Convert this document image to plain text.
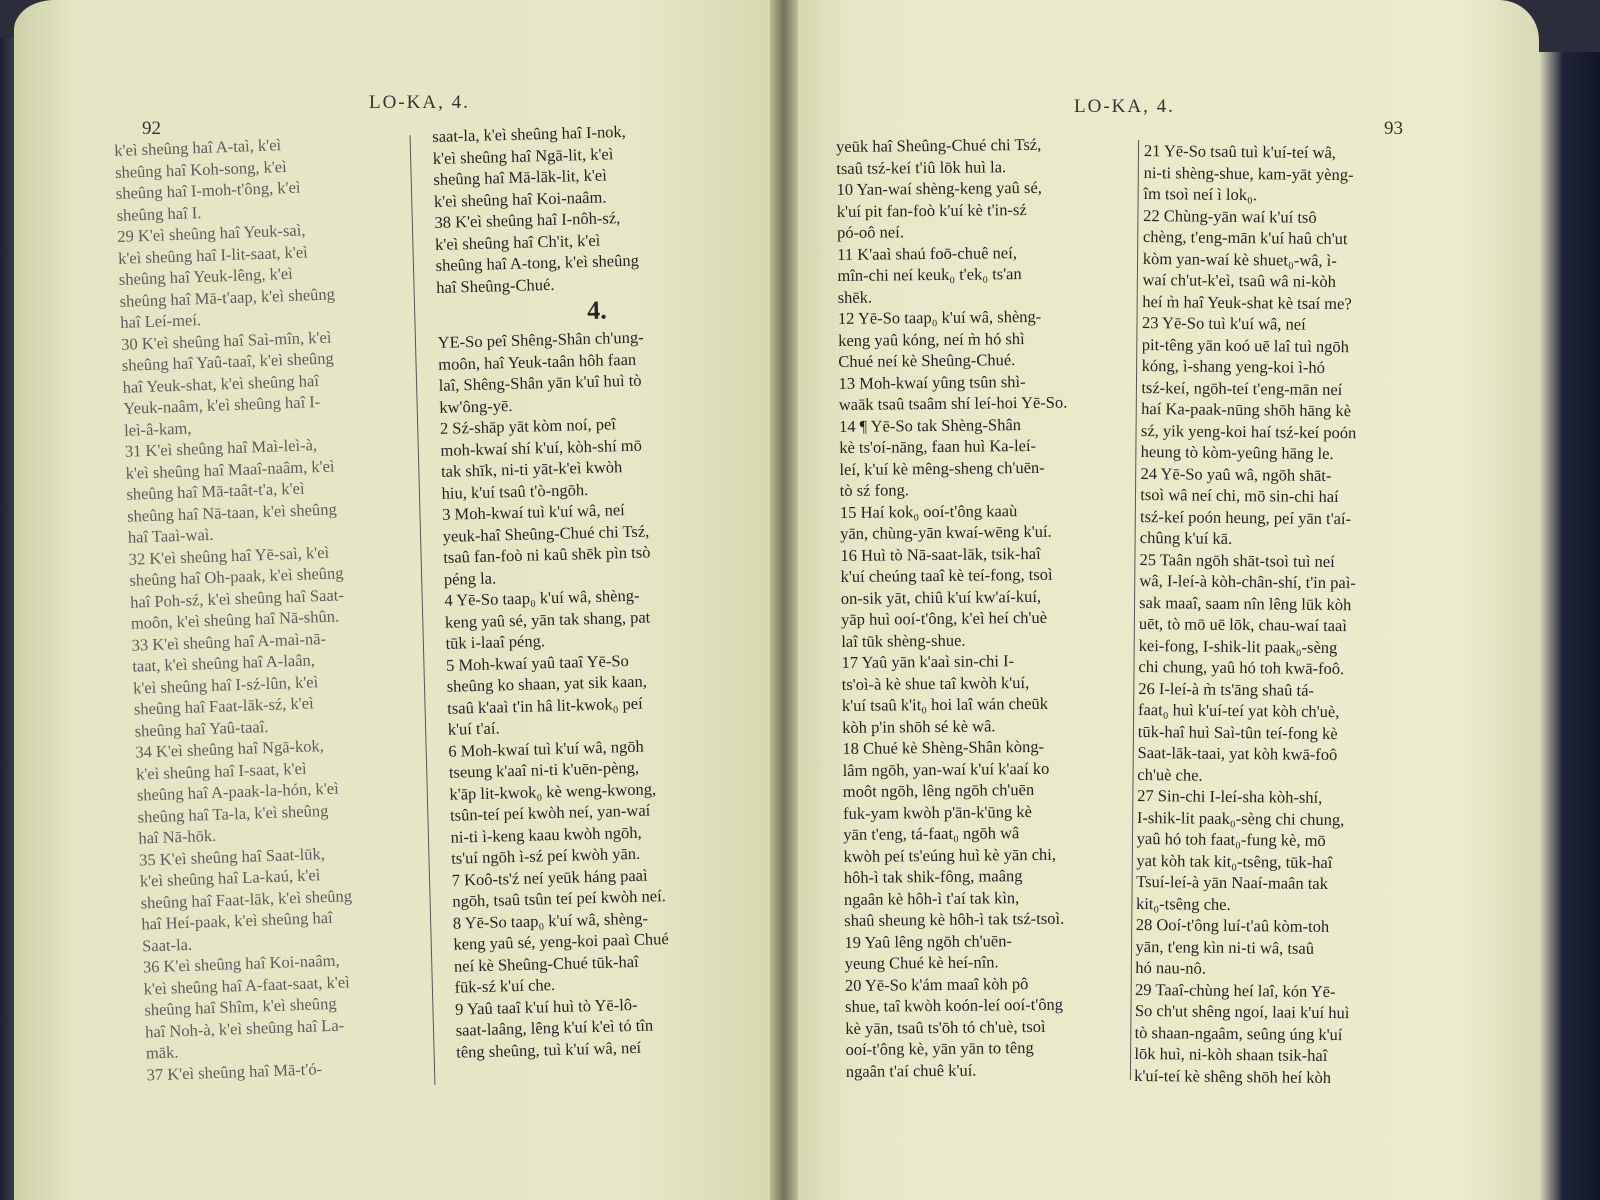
LO-KA, 4.
92
k'eì sheûng haî A-taì, k'eì
sheûng haî Koh-song, k'eì
sheûng haî I-moh-t'ông, k'eì
sheûng haî I.
29 K'eì sheûng haî Yeuk-saì,
k'eì sheûng haî I-lit-saat, k'eì
sheûng haî Yeuk-lêng, k'eì
sheûng haî Mā-t'aap, k'eì sheûng
haî Leí-meí.
30 K'eì sheûng haî Saì-mîn, k'eì
sheûng haî Yaû-taaî, k'eì sheûng
haî Yeuk-shat, k'eì sheûng haî
Yeuk-naâm, k'eì sheûng haî I-
leì-â-kam,
31 K'eì sheûng haî Maì-leì-à,
k'eì sheûng haî Maaî-naâm, k'eì
sheûng haî Mā-taât-t'a, k'eì
sheûng haî Nā-taan, k'eì sheûng
haî Taaì-waì.
32 K'eì sheûng haî Yē-saì, k'eì
sheûng haî Oh-paak, k'eì sheûng
haî Poh-sź, k'eì sheûng haî Saat-
moôn, k'eì sheûng haî Nā-shûn.
33 K'eì sheûng haî A-maì-nā-
taat, k'eì sheûng haî A-laân,
k'eì sheûng haî I-sź-lûn, k'eì
sheûng haî Faat-lāk-sź, k'eì
sheûng haî Yaû-taaî.
34 K'eì sheûng haî Ngā-kok,
k'eì sheûng haî I-saat, k'eì
sheûng haî A-paak-la-hón, k'eì
sheûng haî Ta-la, k'eì sheûng
haî Nā-hōk.
35 K'eì sheûng haî Saat-lūk,
k'eì sheûng haî La-kaú, k'eì
sheûng haî Faat-lāk, k'eì sheûng
haî Heí-paak, k'eì sheûng haî
Saat-la.
36 K'eì sheûng haî Koi-naâm,
k'eì sheûng haî A-faat-saat, k'eì
sheûng haî Shîm, k'eì sheûng
haî Noh-à, k'eì sheûng haî La-
māk.
37 K'eì sheûng haî Mā-t'ó-
saat-la, k'eì sheûng haî I-nok,
k'eì sheûng haî Ngā-lit, k'eì
sheûng haî Mā-lāk-lit, k'eì
k'eì sheûng haî Koi-naâm.
38 K'eì sheûng haî I-nôh-sź,
k'eì sheûng haî Ch'it, k'eì
sheûng haî A-tong, k'eì sheûng
haî Sheûng-Chué.
4.
YE-So peî Shêng-Shân ch'ung-
moôn, haî Yeuk-taân hôh faan
laî, Shêng-Shân yān k'uî huì tò
kw'ông-yē.
2 Sź-shāp yāt kòm noí, peî
moh-kwaí shí k'uí, kòh-shí mō
tak shīk, ni-ti yāt-k'eì kwòh
hiu, k'uí tsaû t'ò-ngōh.
3 Moh-kwaí tuì k'uí wâ, neí
yeuk-haî Sheûng-Chué chi Tsź,
tsaû fan-foò ni kaû shēk pìn tsò
péng la.
4 Yē-So taap₀ k'uí wâ, shèng-
keng yaû sé, yān tak shang, pat
tūk i-laaî péng.
5 Moh-kwaí yaû taaî Yē-So
sheûng ko shaan, yat sik kaan,
tsaû k'aaì t'in hâ lit-kwok₀ peí
k'uí t'aí.
6 Moh-kwaí tuì k'uí wâ, ngōh
tseung k'aaî ni-ti k'uēn-pèng,
k'āp lit-kwok₀ kè weng-kwong,
tsûn-teí peí kwòh neí, yan-waí
ni-ti ì-keng kaau kwòh ngōh,
ts'uí ngōh ì-sź peí kwòh yān.
7 Koô-ts'ź neí yeūk háng paaì
ngōh, tsaû tsûn teí peí kwòh neí.
8 Yē-So taap₀ k'uí wâ, shèng-
keng yaû sé, yeng-koi paaì Chué
neí kè Sheûng-Chué tūk-haî
fūk-sź k'uí che.
9 Yaû taaî k'uí huì tò Yē-lô-
saat-laâng, lêng k'uí k'eì tó tîn
têng sheûng, tuì k'uí wâ, neí
LO-KA, 4.
93
yeūk haî Sheûng-Chué chi Tsź,
tsaû tsź-keí t'iû lōk huì la.
10 Yan-waí shèng-keng yaû sé,
k'uí pit fan-foò k'uí kè t'in-sź
pó-oô neí.
11 K'aaì shaú foō-chuê neí,
mîn-chi neí keuk₀ t'ek₀ ts'an
shēk.
12 Yē-So taap₀ k'uí wâ, shèng-
keng yaû kóng, neí m̀ hó shì
Chué neí kè Sheûng-Chué.
13 Moh-kwaí yûng tsûn shì-
waāk tsaû tsaâm shí leí-hoi Yē-So.
14 ¶ Yē-So tak Shèng-Shân
kè ts'oí-nāng, faan huì Ka-leí-
leí, k'uí kè mêng-sheng ch'uēn-
tò sź fong.
15 Haí kok₀ ooí-t'ông kaaù
yān, chùng-yān kwaí-wēng k'uí.
16 Huì tò Nā-saat-lāk, tsik-haî
k'uí cheúng taaî kè teí-fong, tsoì
on-sik yāt, chiû k'uí kw'aí-kuí,
yāp huì ooí-t'ông, k'eì heí ch'uè
laî tūk shèng-shue.
17 Yaû yān k'aaì sin-chi I-
ts'oì-à kè shue taî kwòh k'uí,
k'uí tsaû k'it₀ hoi laî wán cheūk
kòh p'in shōh sé kè wâ.
18 Chué kè Shèng-Shân kòng-
lâm ngōh, yan-waí k'uí k'aaí ko
moôt ngōh, lêng ngōh ch'uēn
fuk-yam kwòh p'ān-k'ūng kè
yān t'eng, tá-faat₀ ngōh wâ
kwòh peí ts'eúng huì kè yān chi,
hôh-ì tak shik-fông, maâng
ngaân kè hôh-ì t'aí tak kìn,
shaû sheung kè hôh-ì tak tsź-tsoì.
19 Yaû lêng ngōh ch'uēn-
yeung Chué kè heí-nîn.
20 Yē-So k'ám maaî kòh pô
shue, taî kwòh koón-leí ooí-t'ông
kè yān, tsaû ts'ōh tó ch'uè, tsoì
ooí-t'ông kè, yān yān to têng
ngaân t'aí chuê k'uí.
21 Yē-So tsaû tuì k'uí-teí wâ,
ni-ti shèng-shue, kam-yāt yèng-
îm tsoì neí ì lok₀.
22 Chùng-yān waí k'uí tsô
chèng, t'eng-mān k'uí haû ch'ut
kòm yan-waí kè shuet₀-wâ, ì-
waí ch'ut-k'eì, tsaû wâ ni-kòh
heí m̀ haî Yeuk-shat kè tsaí me?
23 Yē-So tuì k'uí wâ, neí
pit-têng yān koó uē laî tuì ngōh
kóng, ì-shang yeng-koi ì-hó
tsź-keí, ngōh-teí t'eng-mān neí
haí Ka-paak-nūng shōh hāng kè
sź, yik yeng-koi haí tsź-keí poón
heung tò kòm-yeûng hāng le.
24 Yē-So yaû wâ, ngōh shāt-
tsoì wâ neí chi, mō sin-chi haí
tsź-keí poón heung, peí yān t'aí-
chûng k'uí kā.
25 Taân ngōh shāt-tsoì tuì neí
wâ, I-leí-à kòh-chân-shí, t'in paì-
sak maaî, saam nîn lêng lūk kòh
uēt, tò mō uē lōk, chau-waí taaì
kei-fong, I-shik-lit paak₀-sèng
chi chung, yaû hó toh kwā-foô.
26 I-leí-à m̀ ts'āng shaû tá-
faat₀ huì k'uí-teí yat kòh ch'uè,
tūk-haî huì Saì-tûn teí-fong kè
Saat-lāk-taai, yat kòh kwā-foô
ch'uè che.
27 Sin-chi I-leí-sha kòh-shí,
I-shik-lit paak₀-sèng chi chung,
yaû hó toh faat₀-fung kè, mō
yat kòh tak kit₀-tsêng, tūk-haî
Tsuí-leí-à yān Naaí-maân tak
kit₀-tsêng che.
28 Ooí-t'ông luí-t'aû kòm-toh
yān, t'eng kìn ni-ti wâ, tsaû
hó nau-nô.
29 Taaî-chùng heí laî, kón Yē-
So ch'ut shêng ngoí, laai k'uí huì
tò shaan-ngaâm, seûng úng k'uí
lōk huì, ni-kòh shaan tsik-haî
k'uí-teí kè shêng shōh heí kòh
